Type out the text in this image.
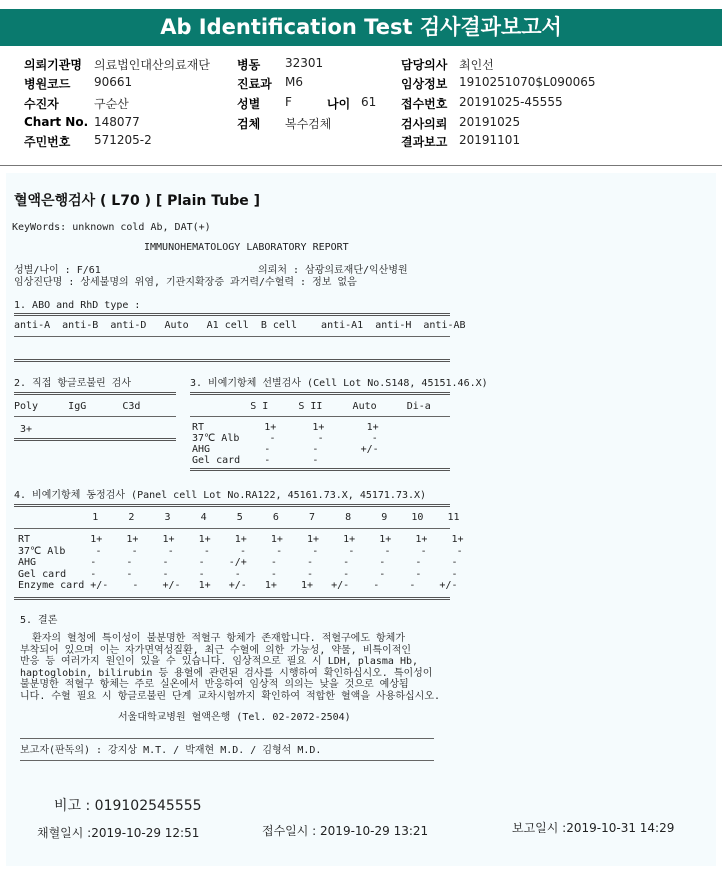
Ab Identification Test 검사결과보고서
의뢰기관명 의료법인대산의료재단
병원코드 90661
수진자	구순산
Chart No. 148077
주민번호 571205-2
병동 32301
진료과 M6
성별 F	나이 61
검체 복수검체
담당의사 최인선
임상정보 1910251070$L090065
접수번호 20191025-45555
검사의뢰 20191025
결과보고 20191101
혈액은행검사 ( L70 ) [ Plain Tube ]
KeyWords: unknown cold Ab, DAT(+)
IMMUNOHEMATOLOGY LABORATORY REPORT
성별/나이 : F/61	의뢰처 : 삼광의료재단/익산병원
임상진단명 : 상세불명의 위염, 기관지확장증 과거력/수혈력 : 정보 없음
1. ABO and RhD type :
anti-A  anti-B  anti-D   Auto   A1 cell  B cell    anti-A1  anti-H  anti-AB
2. 직접 항글로불린 검사
Poly     IgG      C3d
3+
3. 비예기항체 선별검사 (Cell Lot No.S148, 45151.46.X)
S I     S II     Auto     Di-a
RT          1+      1+       1+
37℃ Alb     -       -        -
AHG         -       -       +/-
Gel card    -       -
4. 비예기항체 동정검사 (Panel cell Lot No.RA122, 45161.73.X, 45171.73.X)
1     2     3     4     5     6     7     8     9    10    11
RT          1+    1+    1+    1+    1+    1+    1+    1+    1+    1+    1+
37℃ Alb     -     -     -     -     -     -     -     -     -     -     -
AHG         -     -     -     -    -/+    -     -     -     -     -     -
Gel card    -     -     -     -     -     -     -     -     -     -     -
Enzyme card +/-    -    +/-   1+   +/-   1+    1+   +/-    -     -    +/-
5. 결론
환자의 혈청에 특이성이 불분명한 적혈구 항체가 존재합니다. 적혈구에도 항체가
부착되어 있으며 이는 자가면역성질환, 최근 수혈에 의한 가능성, 약물, 비특이적인
반응 등 여러가지 원인이 있을 수 있습니다. 임상적으로 필요 시 LDH, plasma Hb,
haptoglobin, bilirubin 등 용혈에 관련된 검사를 시행하여 확인하십시오. 특이성이
불분명한 적혈구 항체는 주로 실온에서 반응하여 임상적 의의는 낮을 것으로 예상됨
니다. 수혈 필요 시 항글로불린 단계 교차시험까지 확인하여 적합한 혈액을 사용하십시오.
서울대학교병원 혈액은행 (Tel. 02-2072-2504)
보고자(판독의) : 강지상 M.T. / 박재현 M.D. / 김형석 M.D.
비고 : 019102545555
채혈일시 :2019-10-29 12:51	접수일시 : 2019-10-29 13:21	보고일시 :2019-10-31 14:29
